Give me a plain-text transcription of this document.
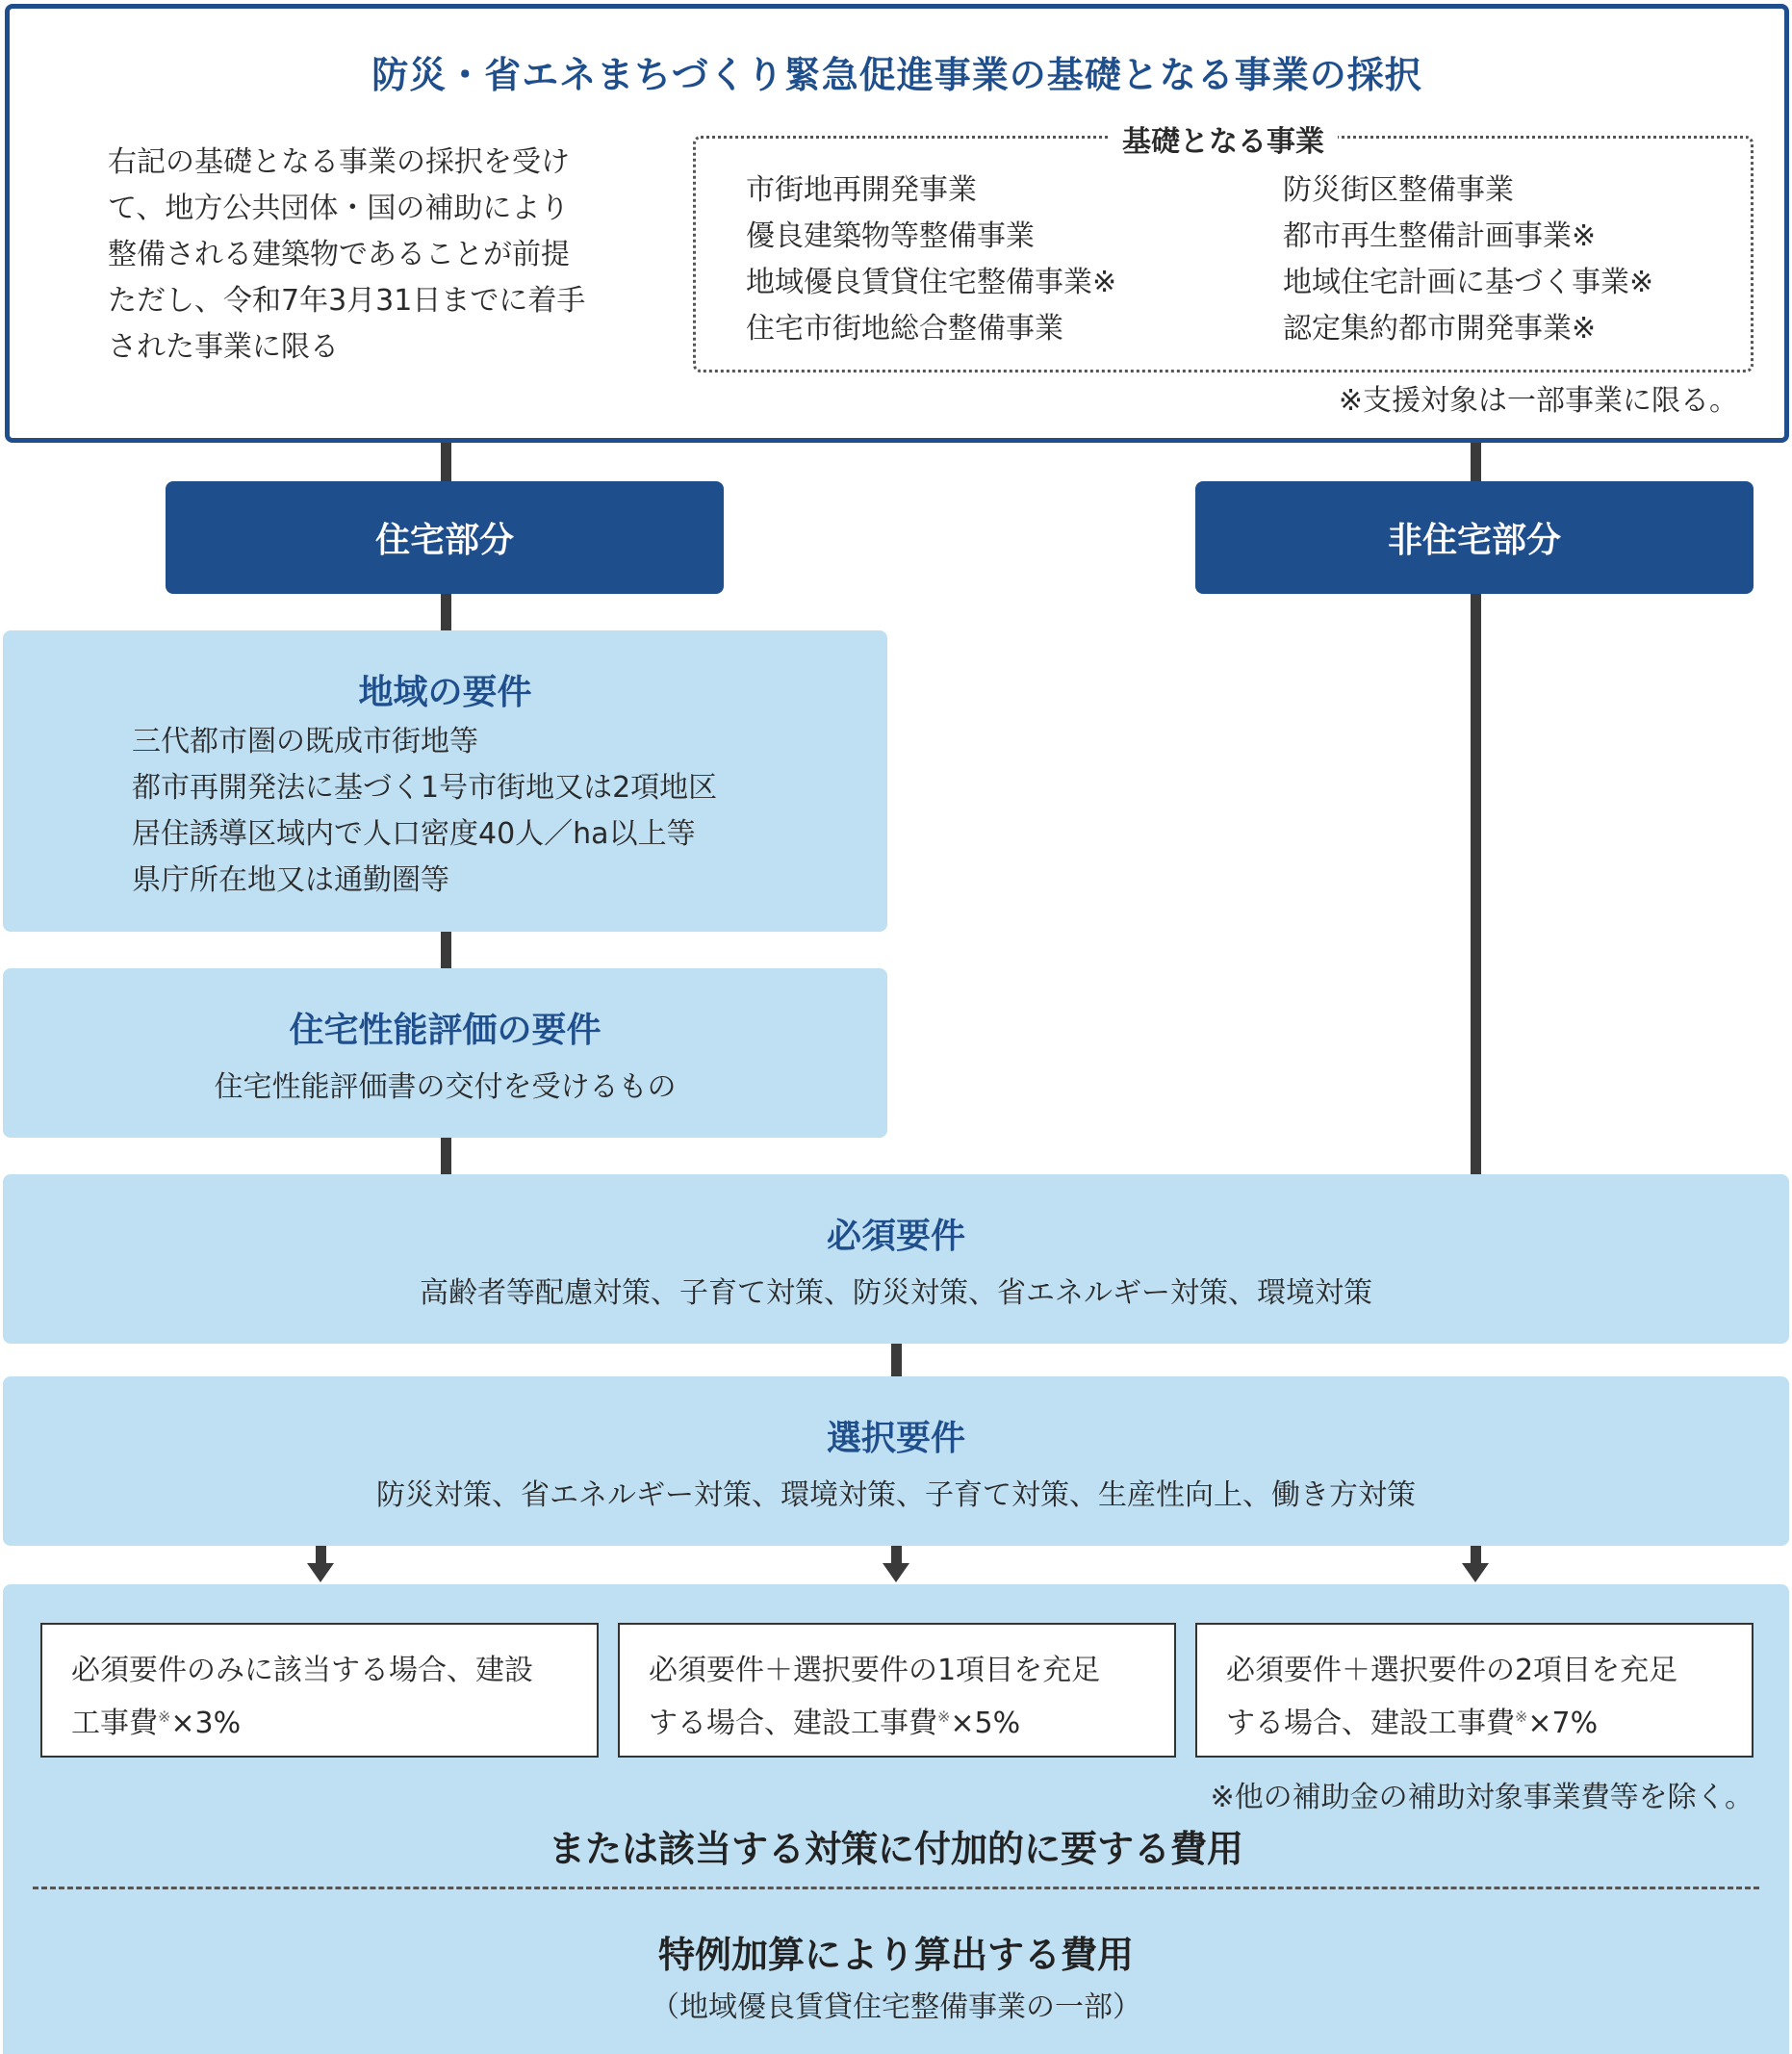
防災・省エネまちづくり緊急促進事業の基礎となる事業の採択
右記の基礎となる事業の採択を受け
て、地方公共団体・国の補助により
整備される建築物であることが前提
ただし、令和7年3月31日までに着手
された事業に限る
基礎となる事業
市街地再開発事業
優良建築物等整備事業
地域優良賃貸住宅整備事業※
住宅市街地総合整備事業
防災街区整備事業
都市再生整備計画事業※
地域住宅計画に基づく事業※
認定集約都市開発事業※
※支援対象は一部事業に限る。
住宅部分	非住宅部分
地域の要件
三代都市圏の既成市街地等
都市再開発法に基づく1号市街地又は2項地区
居住誘導区域内で人口密度40人／ha以上等
県庁所在地又は通勤圏等
住宅性能評価の要件
住宅性能評価書の交付を受けるもの
必須要件
高齢者等配慮対策、子育て対策、防災対策、省エネルギー対策、環境対策
選択要件
防災対策、省エネルギー対策、環境対策、子育て対策、生産性向上、働き方対策
必須要件のみに該当する場合、建設
工事費※×3%
必須要件＋選択要件の1項目を充足
する場合、建設工事費※×5%
必須要件＋選択要件の2項目を充足
する場合、建設工事費※×7%
※他の補助金の補助対象事業費等を除く。
または該当する対策に付加的に要する費用
特例加算により算出する費用
（地域優良賃貸住宅整備事業の一部）
